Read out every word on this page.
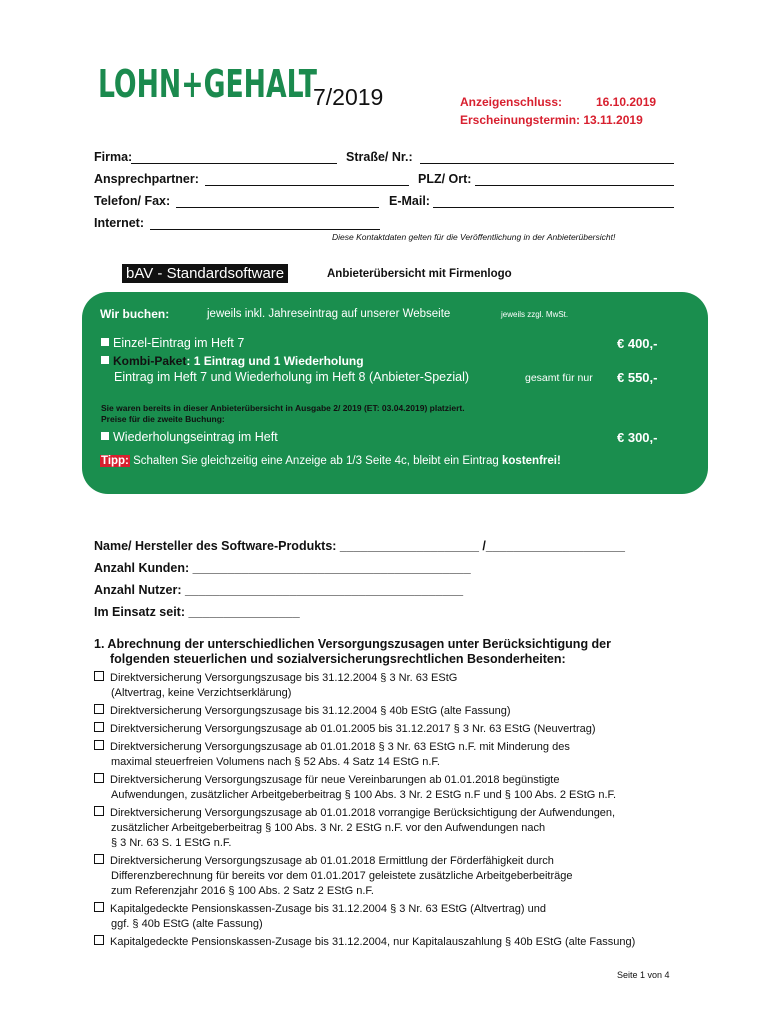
LOHN+GEHALT
7/2019	Anzeigenschluss:	16.10.2019
Erscheinungstermin: 13.11.2019
Firma:	Straße/ Nr.:
Ansprechpartner:	PLZ/ Ort:
Telefon/ Fax:	E-Mail:
Internet:
Diese Kontaktdaten gelten für die Veröffentlichung in der Anbieterübersicht!
bAV - Standardsoftware	Anbieterübersicht mit Firmenlogo
Wir buchen:	jeweils inkl. Jahreseintrag auf unserer Webseite	jeweils zzgl. MwSt.
Einzel-Eintrag im Heft 7	€ 400,-
Kombi-Paket: 1 Eintrag und 1 Wiederholung
Eintrag im Heft 7 und Wiederholung im Heft 8 (Anbieter-Spezial)	gesamt für nur € 550,-
Sie waren bereits in dieser Anbieterübersicht in Ausgabe 2/ 2019 (ET: 03.04.2019) platziert.
Preise für die zweite Buchung:
Wiederholungseintrag im Heft	€ 300,-
Tipp: Schalten Sie gleichzeitig eine Anzeige ab 1/3 Seite 4c, bleibt ein Eintrag kostenfrei!
Name/ Hersteller des Software-Produkts: ____________________ /____________________
Anzahl Kunden: ________________________________________
Anzahl Nutzer: ________________________________________
Im Einsatz seit: ________________
1. Abrechnung der unterschiedlichen Versorgungszusagen unter Berücksichtigung der
folgenden steuerlichen und sozialversicherungsrechtlichen Besonderheiten:
Direktversicherung Versorgungszusage bis 31.12.2004 § 3 Nr. 63 EStG
(Altvertrag, keine Verzichtserklärung)
Direktversicherung Versorgungszusage bis 31.12.2004 § 40b EStG (alte Fassung)
Direktversicherung Versorgungszusage ab 01.01.2005 bis 31.12.2017 § 3 Nr. 63 EStG (Neuvertrag)
Direktversicherung Versorgungszusage ab 01.01.2018 § 3 Nr. 63 EStG n.F. mit Minderung des
maximal steuerfreien Volumens nach § 52 Abs. 4 Satz 14 EStG n.F.
Direktversicherung Versorgungszusage für neue Vereinbarungen ab 01.01.2018 begünstigte
Aufwendungen, zusätzlicher Arbeitgeberbeitrag § 100 Abs. 3 Nr. 2 EStG n.F und § 100 Abs. 2 EStG n.F.
Direktversicherung Versorgungszusage ab 01.01.2018 vorrangige Berücksichtigung der Aufwendungen,
zusätzlicher Arbeitgeberbeitrag § 100 Abs. 3 Nr. 2 EStG n.F. vor den Aufwendungen nach
§ 3 Nr. 63 S. 1 EStG n.F.
Direktversicherung Versorgungszusage ab 01.01.2018 Ermittlung der Förderfähigkeit durch
Differenzberechnung für bereits vor dem 01.01.2017 geleistete zusätzliche Arbeitgeberbeiträge
zum Referenzjahr 2016 § 100 Abs. 2 Satz 2 EStG n.F.
Kapitalgedeckte Pensionskassen-Zusage bis 31.12.2004 § 3 Nr. 63 EStG (Altvertrag) und
ggf. § 40b EStG (alte Fassung)
Kapitalgedeckte Pensionskassen-Zusage bis 31.12.2004, nur Kapitalauszahlung § 40b EStG (alte Fassung)
Seite 1 von 4
